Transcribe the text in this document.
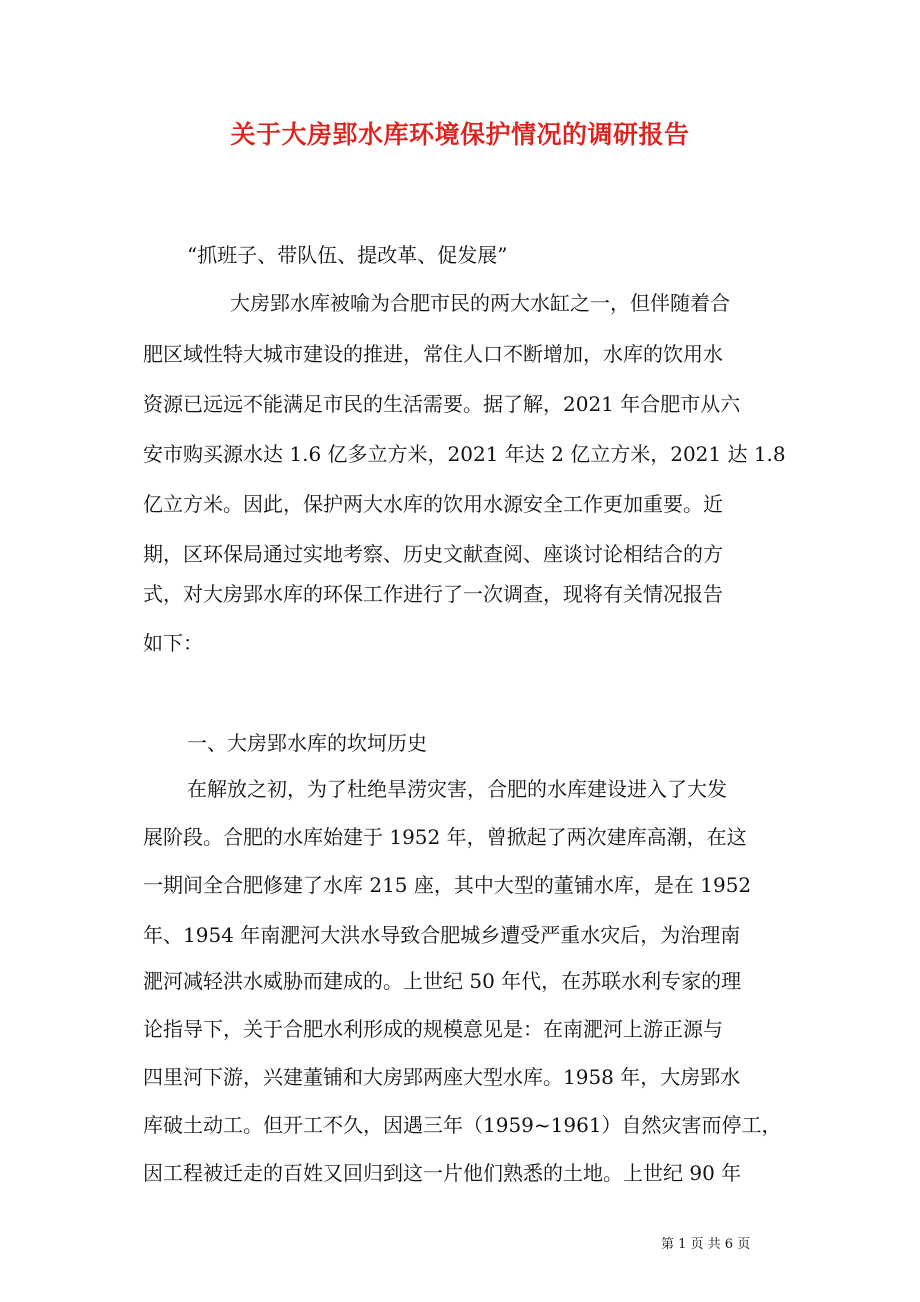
关于大房郢水库环境保护情况的调研报告
“抓班子、带队伍、提改革、促发展”
大房郢水库被喻为合肥市民的两大水缸之一，但伴随着合
肥区域性特大城市建设的推进，常住人口不断增加，水库的饮用水
资源已远远不能满足市民的生活需要。据了解，2021 年合肥市从六
安市购买源水达 1.6 亿多立方米，2021 年达 2 亿立方米，2021 达 1.8
亿立方米。因此，保护两大水库的饮用水源安全工作更加重要。近
期，区环保局通过实地考察、历史文献查阅、座谈讨论相结合的方
式，对大房郢水库的环保工作进行了一次调查，现将有关情况报告
如下：
一、大房郢水库的坎坷历史
在解放之初，为了杜绝旱涝灾害，合肥的水库建设进入了大发
展阶段。合肥的水库始建于 1952 年，曾掀起了两次建库高潮，在这
一期间全合肥修建了水库 215 座，其中大型的董铺水库，是在 1952
年、1954 年南淝河大洪水导致合肥城乡遭受严重水灾后，为治理南
淝河减轻洪水威胁而建成的。上世纪 50 年代，在苏联水利专家的理
论指导下，关于合肥水利形成的规模意见是：在南淝河上游正源与
四里河下游，兴建董铺和大房郢两座大型水库。1958 年，大房郢水
库破土动工。但开工不久，因遇三年（1959~1961）自然灾害而停工，
因工程被迁走的百姓又回归到这一片他们熟悉的土地。上世纪 90 年
第 1 页 共 6 页
